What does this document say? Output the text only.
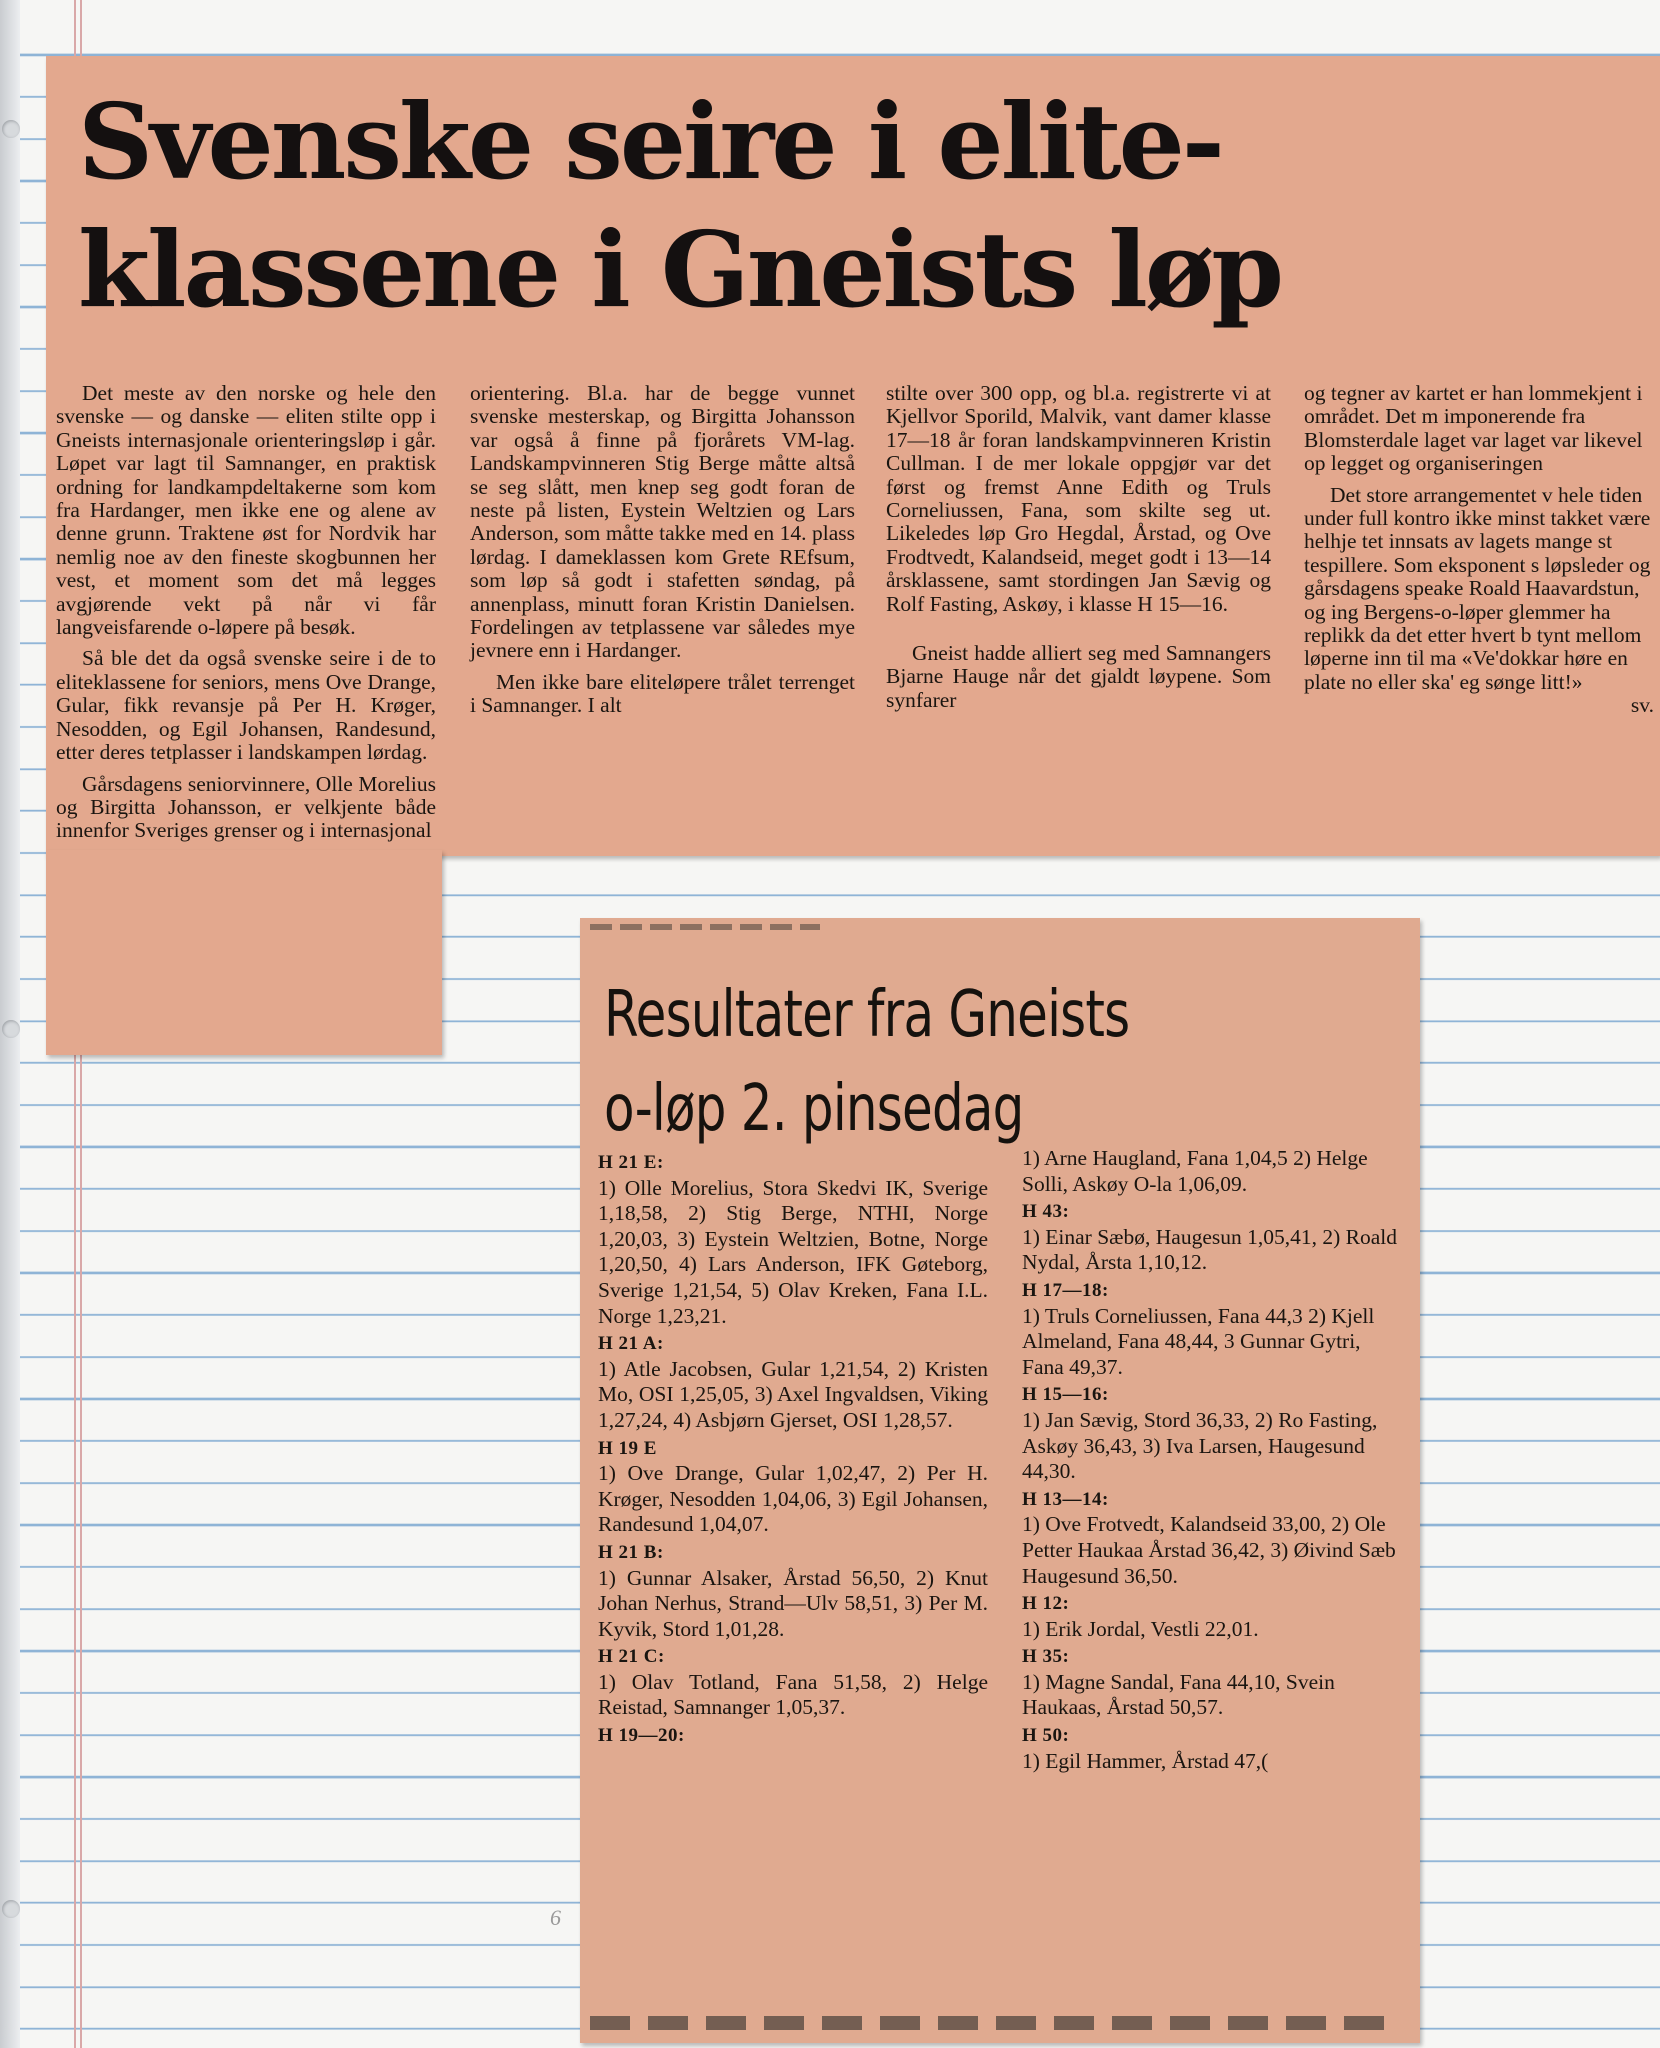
Svenske seire i elite-
klassene i Gneists løp

Det meste av den norske og hele den svenske — og danske — eliten stilte opp i Gneists internasjonale orienteringsløp i går. Løpet var lagt til Samnanger, en praktisk ordning for landkampdeltakerne som kom fra Hardanger, men ikke ene og alene av denne grunn. Traktene øst for Nordvik har nemlig noe av den fineste skogbunnen her vest, et moment som det må legges avgjørende vekt på når vi får langveisfarende o-løpere på besøk.

Så ble det da også svenske seire i de to eliteklassene for seniors, mens Ove Drange, Gular, fikk revansje på Per H. Krøger, Nesodden, og Egil Johansen, Randesund, etter deres tetplasser i landskampen lørdag.

Gårsdagens seniorvinnere, Olle Morelius og Birgitta Johansson, er velkjente både innenfor Sveriges grenser og i internasjonal

orientering. Bl.a. har de begge vunnet svenske mesterskap, og Birgitta Johansson var også å finne på fjorårets VM-lag. Landskampvinneren Stig Berge måtte altså se seg slått, men knep seg godt foran de neste på listen, Eystein Weltzien og Lars Anderson, som måtte takke med en 14. plass lørdag. I dameklassen kom Grete REfsum, som løp så godt i stafetten søndag, på annenplass, minutt foran Kristin Danielsen. Fordelingen av tetplassene var således mye jevnere enn i Hardanger.

Men ikke bare eliteløpere trålet terrenget i Samnanger. I alt

stilte over 300 opp, og bl.a. registrerte vi at Kjellvor Sporild, Malvik, vant damer klasse 17—18 år foran landskampvinneren Kristin Cullman. I de mer lokale oppgjør var det først og fremst Anne Edith og Truls Corneliussen, Fana, som skilte seg ut. Likeledes løp Gro Hegdal, Årstad, og Ove Frodtvedt, Kalandseid, meget godt i 13—14 årsklassene, samt stordingen Jan Sævig og Rolf Fasting, Askøy, i klasse H 15—16.

Gneist hadde alliert seg med Samnangers Bjarne Hauge når det gjaldt løypene. Som synfarer

og tegner av kartet er han lommekjent i området. Det m imponerende fra Blomsterdale laget var laget var likevel op legget og organiseringen

Det store arrangementet v hele tiden under full kontro ikke minst takket være helhje tet innsats av lagets mange st tespillere. Som eksponent s løpsleder og gårsdagens speake Roald Haavardstun, og ing Bergens-o-løper glemmer ha replikk da det etter hvert b tynt mellom løperne inn til ma «Ve'dokkar høre en plate no eller ska' eg sønge litt!»

sv.

Resultater fra Gneists
o-løp 2. pinsedag
H 21 E:
1) Olle Morelius, Stora Skedvi IK, Sverige 1,18,58, 2) Stig Berge, NTHI, Norge 1,20,03, 3) Eystein Weltzien, Botne, Norge 1,20,50, 4) Lars Anderson, IFK Gøteborg, Sverige 1,21,54, 5) Olav Kreken, Fana I.L. Norge 1,23,21.
H 21 A:
1) Atle Jacobsen, Gular 1,21,54, 2) Kristen Mo, OSI 1,25,05, 3) Axel Ingvaldsen, Viking 1,27,24, 4) Asbjørn Gjerset, OSI 1,28,57.
H 19 E
1) Ove Drange, Gular 1,02,47, 2) Per H. Krøger, Nesodden 1,04,06, 3) Egil Johansen, Randesund 1,04,07.
H 21 B:
1) Gunnar Alsaker, Årstad 56,50, 2) Knut Johan Nerhus, Strand—Ulv 58,51, 3) Per M. Kyvik, Stord 1,01,28.
H 21 C:
1) Olav Totland, Fana 51,58, 2) Helge Reistad, Samnanger 1,05,37.
H 19—20:
1) Arne Haugland, Fana 1,04,5 2) Helge Solli, Askøy O-la 1,06,09.
H 43:
1) Einar Sæbø, Haugesun 1,05,41, 2) Roald Nydal, Årsta 1,10,12.
H 17—18:
1) Truls Corneliussen, Fana 44,3 2) Kjell Almeland, Fana 48,44, 3 Gunnar Gytri, Fana 49,37.
H 15—16:
1) Jan Sævig, Stord 36,33, 2) Ro Fasting, Askøy 36,43, 3) Iva Larsen, Haugesund 44,30.
H 13—14:
1) Ove Frotvedt, Kalandseid 33,00, 2) Ole Petter Haukaa Årstad 36,42, 3) Øivind Sæb Haugesund 36,50.
H 12:
1) Erik Jordal, Vestli 22,01.
H 35:
1) Magne Sandal, Fana 44,10, Svein Haukaas, Årstad 50,57.
H 50:
1) Egil Hammer, Årstad 47,(
6
